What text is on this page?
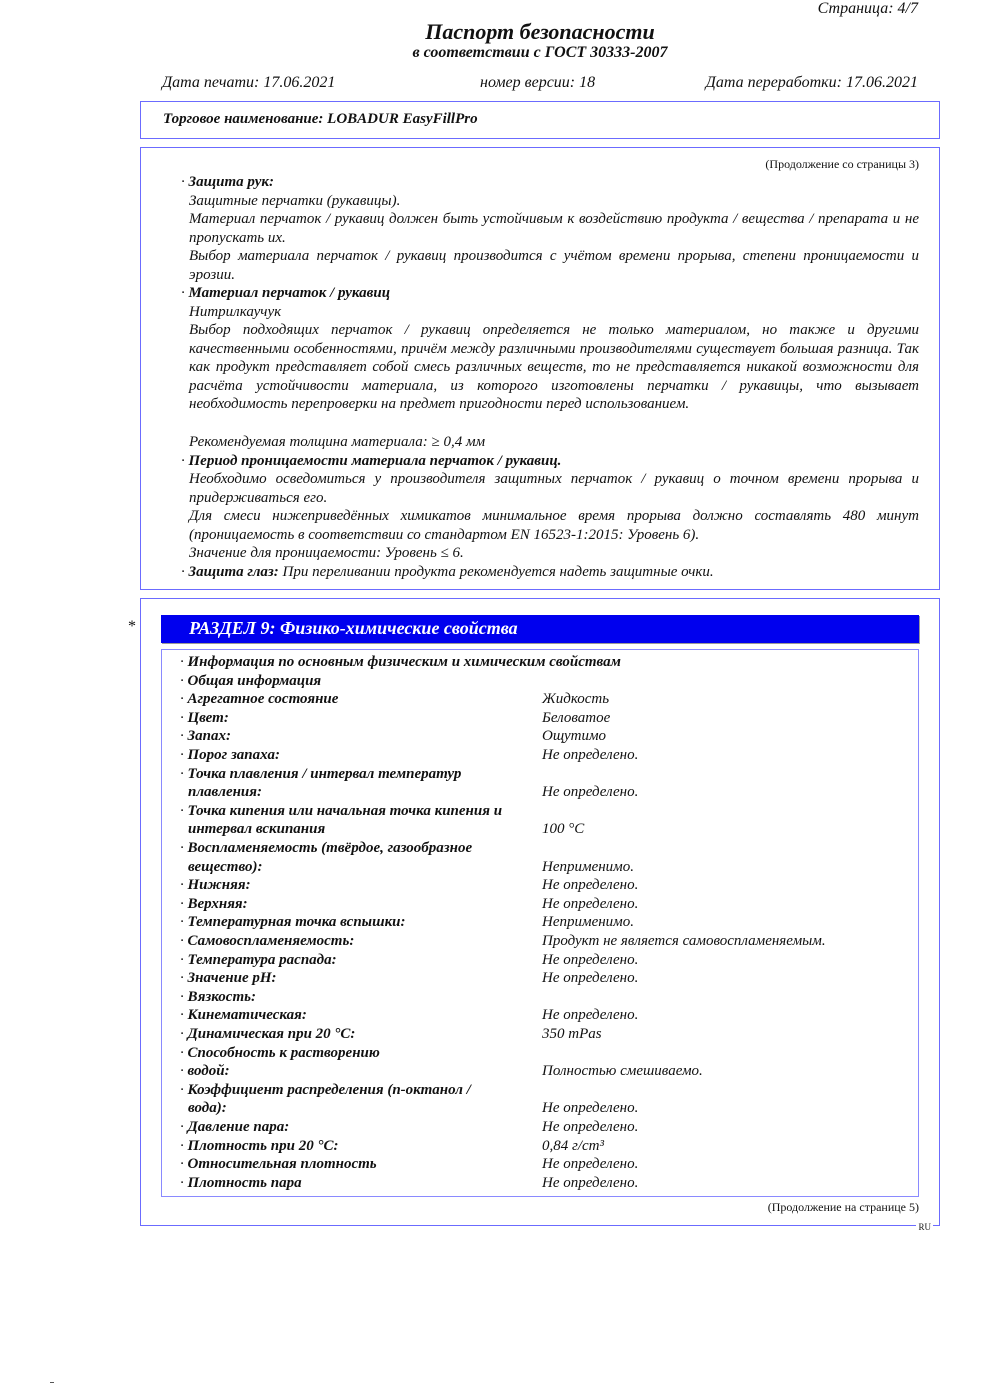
Страница: 4/7
Паспорт безопасности
в соответствии с ГОСТ 30333-2007
Дата печати: 17.06.2021	номер версии: 18	Дата переработки: 17.06.2021
Торговое наименование: LOBADUR EasyFillPro
(Продолжение со страницы 3)
· Защита рук:
Защитные перчатки (рукавицы).
Материал перчаток / рукавиц должен быть устойчивым к воздействию продукта / вещества / препарата и не пропускать их.
Выбор материала перчаток / рукавиц производится с учётом времени прорыва, степени проницаемости и эрозии.
· Материал перчаток / рукавиц
Нитрилкаучук
Выбор подходящих перчаток / рукавиц определяется не только материалом, но также и другими качественными особенностями, причём между различными производителями существует большая разница. Так как продукт представляет собой смесь различных веществ, то не представляется никакой возможности для расчёта устойчивости материала, из которого изготовлены перчатки / рукавицы, что вызывает необходимость перепроверки на предмет пригодности перед использованием.
Рекомендуемая толщина материала: ≥ 0,4 мм
· Период проницаемости материала перчаток / рукавиц.
Необходимо осведомиться у производителя защитных перчаток / рукавиц о точном времени прорыва и придерживаться его.
Для смеси нижеприведённых химикатов минимальное время прорыва должно составлять 480 минут (проницаемость в соответствии со стандартом EN 16523-1:2015: Уровень 6).
Значение для проницаемости: Уровень ≤ 6.
· Защита глаз: При переливании продукта рекомендуется надеть защитные очки.
*	РАЗДЕЛ 9: Физико-химические свойства
· Информация по основным физическим и химическим свойствам
· Общая информация
· Агрегатное состояние	Жидкость
· Цвет:	Беловатое
· Запах:	Ощутимо
· Порог запаха:	Не определено.
· Точка плавления / интервал температур
плавления:	Не определено.
· Точка кипения или начальная точка кипения и
интервал вскипания	100 °C
· Воспламеняемость (твёрдое, газообразное
вещество):	Неприменимо.
· Нижняя:	Не определено.
· Верхняя:	Не определено.
· Температурная точка вспышки:	Неприменимо.
· Самовоспламеняемость:	Продукт не является самовоспламеняемым.
· Температура распада:	Не определено.
· Значение pH:	Не определено.
· Вязкость:
· Кинематическая:	Не определено.
· Динамическая при 20 °C:	350 mPas
· Способность к растворению
· водой:	Полностью смешиваемо.
· Коэффициент распределения (n-октанол /
вода):	Не определено.
· Давление пара:	Не определено.
· Плотность при 20 °C:	0,84 г/cm³
· Относительная плотность	Не определено.
· Плотность пара	Не определено.
(Продолжение на странице 5)
RU
